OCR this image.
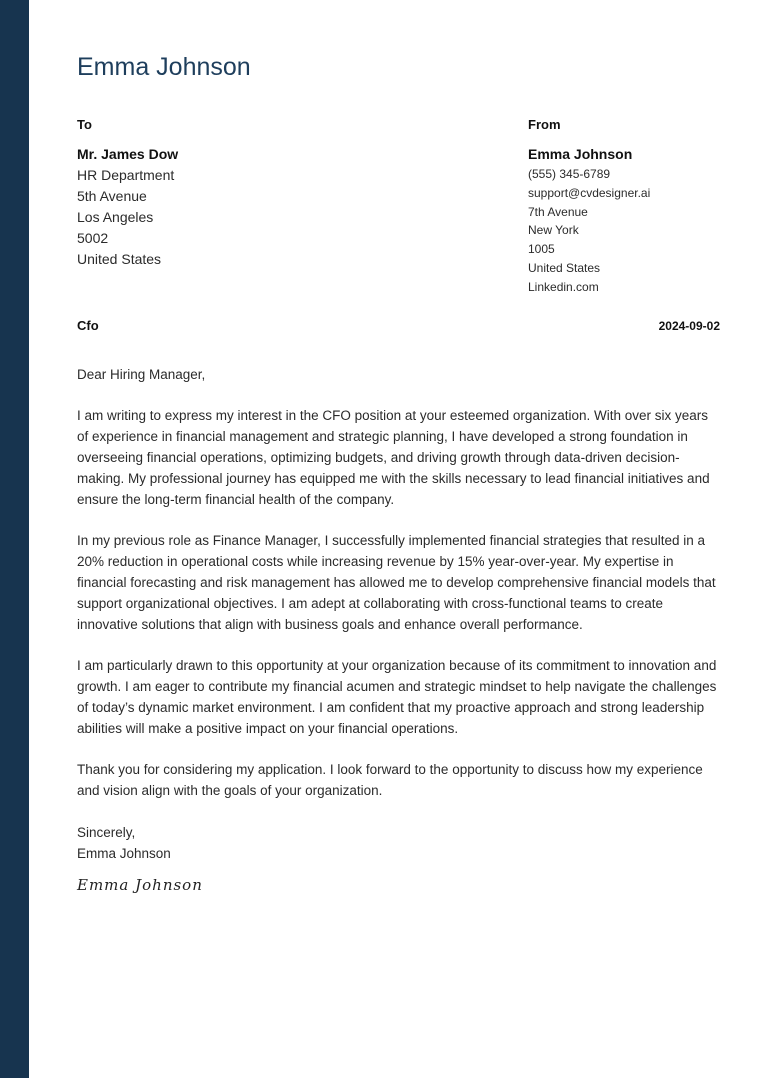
Emma Johnson
To	From
Mr. James Dow
HR Department
5th Avenue
Los Angeles
5002
United States
Emma Johnson
(555) 345-6789
support@cvdesigner.ai
7th Avenue
New York
1005
United States
Linkedin.com
Cfo	2024-09-02

Dear Hiring Manager,

I am writing to express my interest in the CFO position at your esteemed organization. With over six years of experience in financial management and strategic planning, I have developed a strong foundation in overseeing financial operations, optimizing budgets, and driving growth through data-driven decision-making. My professional journey has equipped me with the skills necessary to lead financial initiatives and ensure the long-term financial health of the company.

In my previous role as Finance Manager, I successfully implemented financial strategies that resulted in a 20% reduction in operational costs while increasing revenue by 15% year-over-year. My expertise in financial forecasting and risk management has allowed me to develop comprehensive financial models that support organizational objectives. I am adept at collaborating with cross-functional teams to create innovative solutions that align with business goals and enhance overall performance.

I am particularly drawn to this opportunity at your organization because of its commitment to innovation and growth. I am eager to contribute my financial acumen and strategic mindset to help navigate the challenges of today’s dynamic market environment. I am confident that my proactive approach and strong leadership abilities will make a positive impact on your financial operations.

Thank you for considering my application. I look forward to the opportunity to discuss how my experience and vision align with the goals of your organization.

Sincerely,
Emma Johnson
Emma Johnson
